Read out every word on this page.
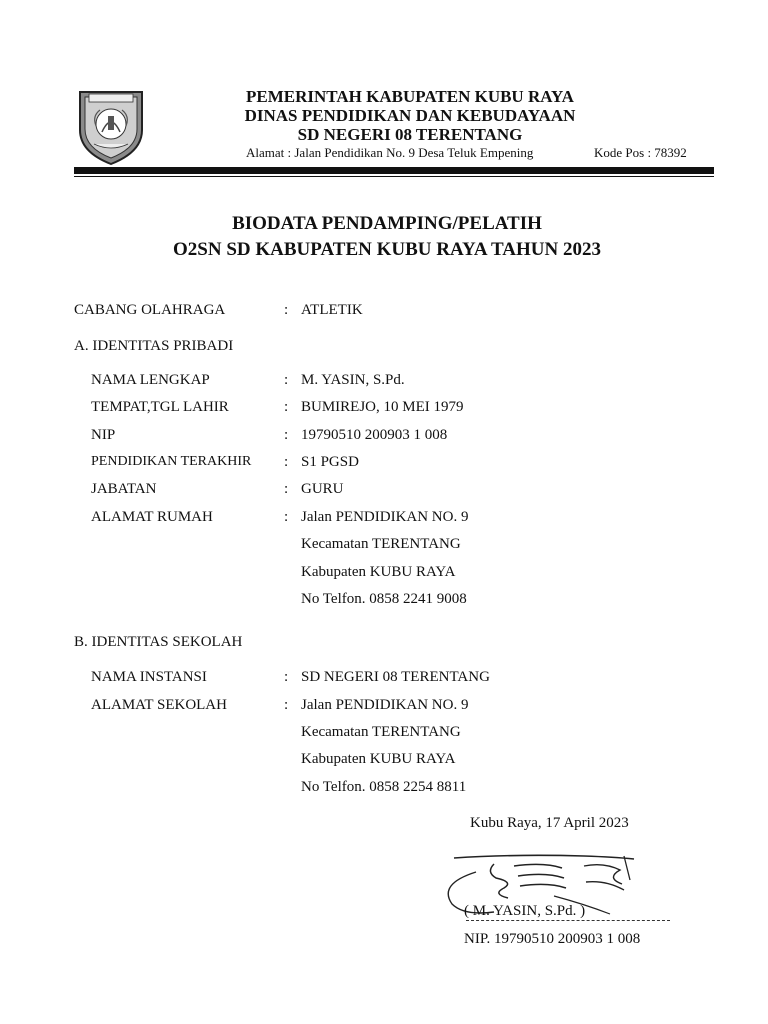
PEMERINTAH KABUPATEN KUBU RAYA
DINAS PENDIDIKAN DAN KEBUDAYAAN
SD NEGERI 08 TERENTANG
Alamat : Jalan Pendidikan No. 9 Desa Teluk Empening	Kode Pos : 78392
BIODATA PENDAMPING/PELATIH
O2SN SD KABUPATEN KUBU RAYA TAHUN 2023
CABANG OLAHRAGA	: ATLETIK
A. IDENTITAS PRIBADI
NAMA LENGKAP	: M. YASIN, S.Pd.
TEMPAT,TGL LAHIR	: BUMIREJO, 10 MEI 1979
NIP	: 19790510 200903 1 008
PENDIDIKAN TERAKHIR : S1 PGSD
JABATAN	: GURU
ALAMAT RUMAH	: Jalan PENDIDIKAN NO. 9
Kecamatan TERENTANG
Kabupaten KUBU RAYA
No Telfon. 0858 2241 9008
B. IDENTITAS SEKOLAH
NAMA INSTANSI	: SD NEGERI 08 TERENTANG
ALAMAT SEKOLAH	: Jalan PENDIDIKAN NO. 9
Kecamatan TERENTANG
Kabupaten KUBU RAYA
No Telfon. 0858 2254 8811
Kubu Raya, 17 April 2023
( M. YASIN, S.Pd. )
NIP. 19790510 200903 1 008
